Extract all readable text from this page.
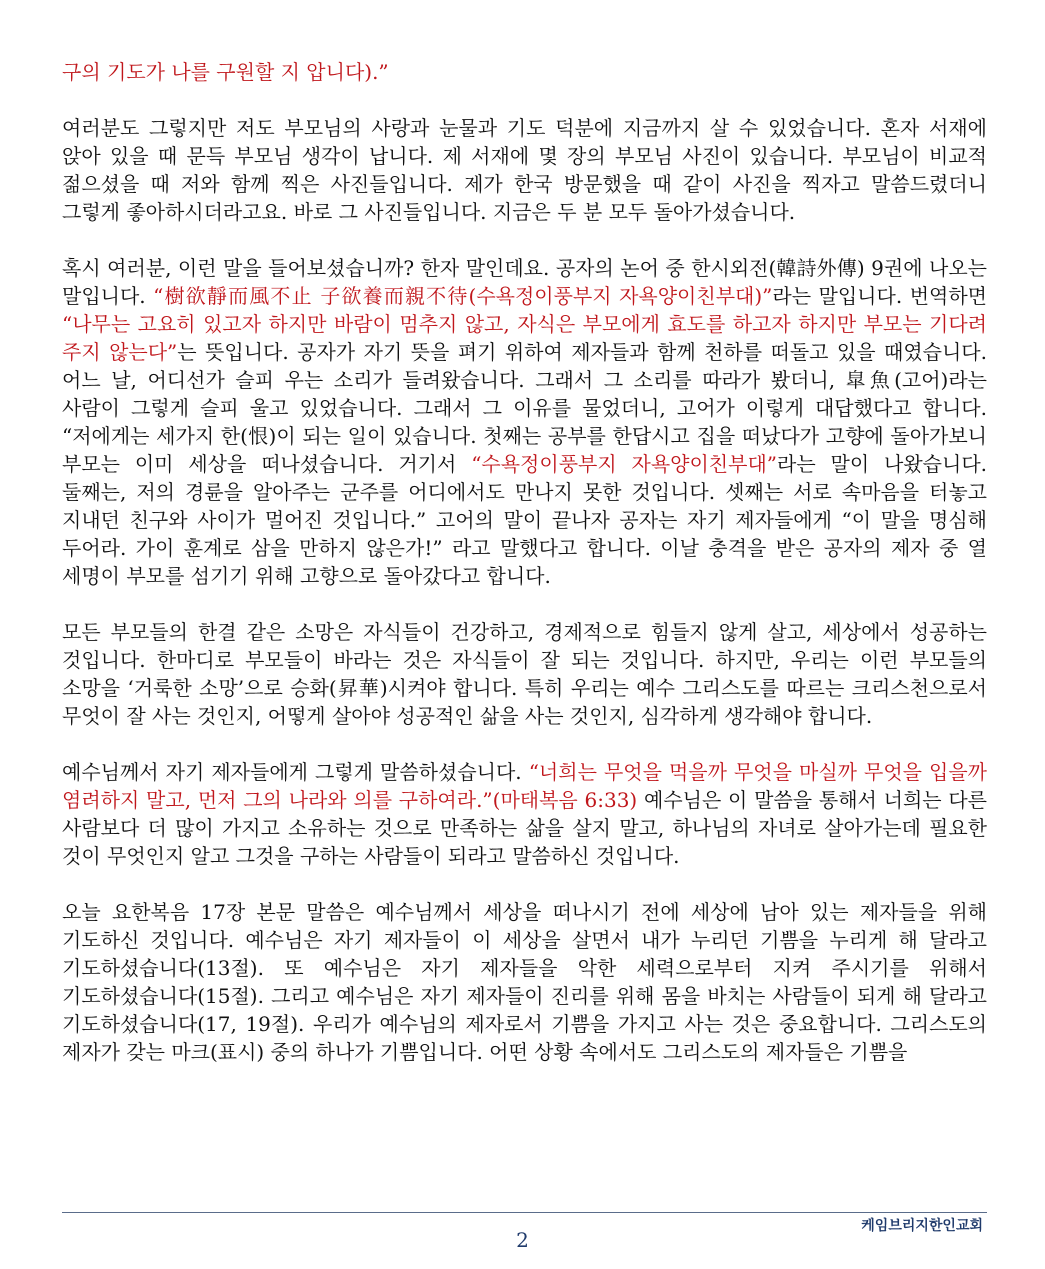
구의 기도가 나를 구원할 지 압니다).”

여러분도 그렇지만 저도 부모님의 사랑과 눈물과 기도 덕분에 지금까지 살 수 있었습니다. 혼자 서재에 앉아 있을 때 문득 부모님 생각이 납니다. 제 서재에 몇 장의 부모님 사진이 있습니다. 부모님이 비교적 젊으셨을 때 저와 함께 찍은 사진들입니다. 제가 한국 방문했을 때 같이 사진을 찍자고 말씀드렸더니 그렇게 좋아하시더라고요. 바로 그 사진들입니다. 지금은 두 분 모두 돌아가셨습니다.

혹시 여러분, 이런 말을 들어보셨습니까? 한자 말인데요. 공자의 논어 중 한시외전(韓詩外傳) 9권에 나오는 말입니다. “樹欲靜而風不止 子欲養而親不待(수욕정이풍부지 자욕양이친부대)”라는 말입니다. 번역하면 “나무는 고요히 있고자 하지만 바람이 멈추지 않고, 자식은 부모에게 효도를 하고자 하지만 부모는 기다려 주지 않는다”는 뜻입니다. 공자가 자기 뜻을 펴기 위하여 제자들과 함께 천하를 떠돌고 있을 때였습니다. 어느 날, 어디선가 슬피 우는 소리가 들려왔습니다. 그래서 그 소리를 따라가 봤더니, 皐魚(고어)라는 사람이 그렇게 슬피 울고 있었습니다. 그래서 그 이유를 물었더니, 고어가 이렇게 대답했다고 합니다. “저에게는 세가지 한(恨)이 되는 일이 있습니다. 첫째는 공부를 한답시고 집을 떠났다가 고향에 돌아가보니 부모는 이미 세상을 떠나셨습니다. 거기서 “수욕정이풍부지 자욕양이친부대”라는 말이 나왔습니다. 둘째는, 저의 경륜을 알아주는 군주를 어디에서도 만나지 못한 것입니다. 셋째는 서로 속마음을 터놓고 지내던 친구와 사이가 멀어진 것입니다.” 고어의 말이 끝나자 공자는 자기 제자들에게 “이 말을 명심해 두어라. 가이 훈계로 삼을 만하지 않은가!” 라고 말했다고 합니다. 이날 충격을 받은 공자의 제자 중 열 세명이 부모를 섬기기 위해 고향으로 돌아갔다고 합니다.

모든 부모들의 한결 같은 소망은 자식들이 건강하고, 경제적으로 힘들지 않게 살고, 세상에서 성공하는 것입니다. 한마디로 부모들이 바라는 것은 자식들이 잘 되는 것입니다. 하지만, 우리는 이런 부모들의 소망을 ‘거룩한 소망’으로 승화(昇華)시켜야 합니다. 특히 우리는 예수 그리스도를 따르는 크리스천으로서 무엇이 잘 사는 것인지, 어떻게 살아야 성공적인 삶을 사는 것인지, 심각하게 생각해야 합니다.

예수님께서 자기 제자들에게 그렇게 말씀하셨습니다. “너희는 무엇을 먹을까 무엇을 마실까 무엇을 입을까 염려하지 말고, 먼저 그의 나라와 의를 구하여라.”(마태복음 6:33) 예수님은 이 말씀을 통해서 너희는 다른 사람보다 더 많이 가지고 소유하는 것으로 만족하는 삶을 살지 말고, 하나님의 자녀로 살아가는데 필요한 것이 무엇인지 알고 그것을 구하는 사람들이 되라고 말씀하신 것입니다.

오늘 요한복음 17장 본문 말씀은 예수님께서 세상을 떠나시기 전에 세상에 남아 있는 제자들을 위해 기도하신 것입니다. 예수님은 자기 제자들이 이 세상을 살면서 내가 누리던 기쁨을 누리게 해 달라고 기도하셨습니다(13절). 또 예수님은 자기 제자들을 악한 세력으로부터 지켜 주시기를 위해서 기도하셨습니다(15절). 그리고 예수님은 자기 제자들이 진리를 위해 몸을 바치는 사람들이 되게 해 달라고 기도하셨습니다(17, 19절). 우리가 예수님의 제자로서 기쁨을 가지고 사는 것은 중요합니다. 그리스도의 제자가 갖는 마크(표시) 중의 하나가 기쁨입니다. 어떤 상황 속에서도 그리스도의 제자들은 기쁨을

케임브리지한인교회
2
